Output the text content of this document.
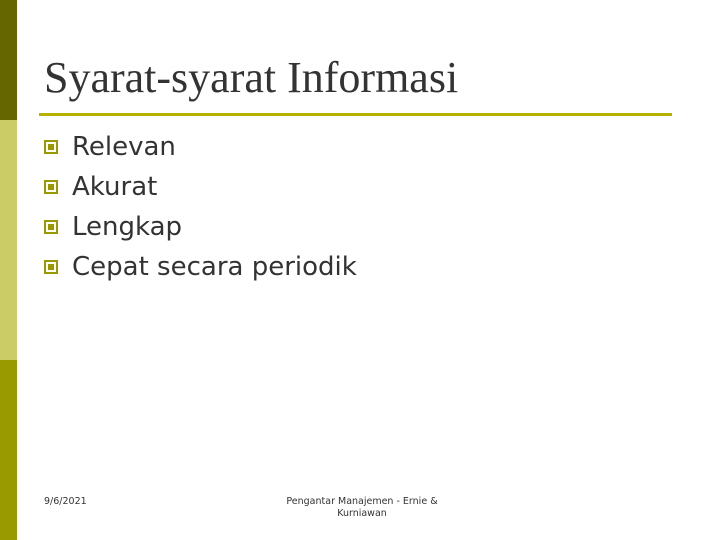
Syarat-syarat Informasi
Relevan
Akurat
Lengkap
Cepat secara periodik
9/6/2021	Pengantar Manajemen - Ernie &
Kurniawan
